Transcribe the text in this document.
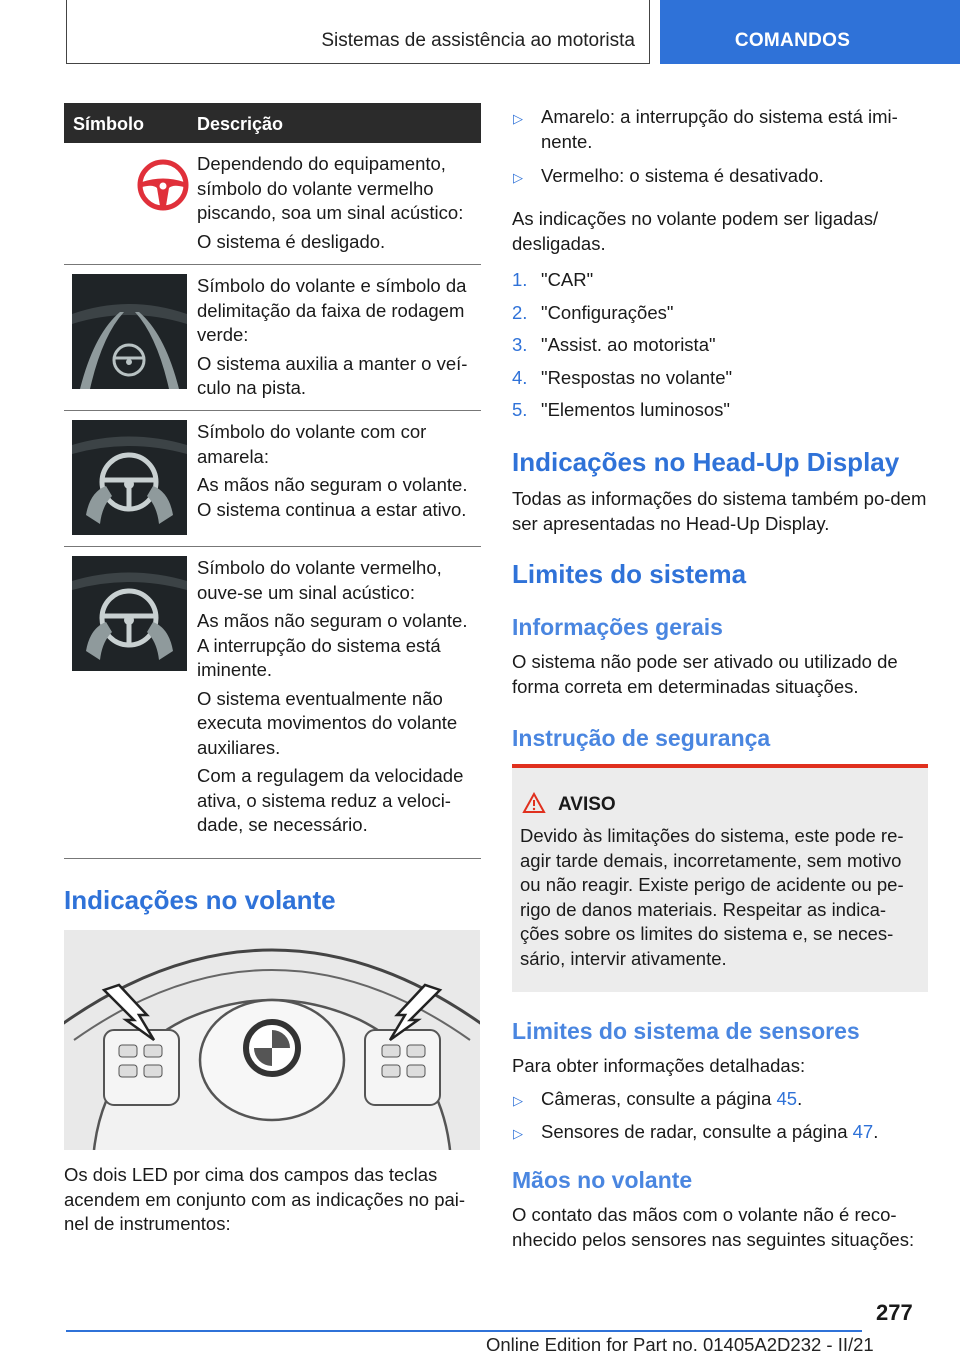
Sistemas de assistência ao motorista	COMANDOS
Símbolo	Descrição

Dependendo do equipamento, símbolo do volante vermelho piscando, soa um sinal acústico:

O sistema é desligado.

Símbolo do volante e símbolo da delimitação da faixa de rodagem verde:

O sistema auxilia a manter o veí-culo na pista.

Símbolo do volante com cor amarela:

As mãos não seguram o volante. O sistema continua a estar ativo.

Símbolo do volante vermelho, ouve-se um sinal acústico:

As mãos não seguram o volante. A interrupção do sistema está iminente.

O sistema eventualmente não executa movimentos do volante auxiliares.

Com a regulagem da velocidade ativa, o sistema reduz a veloci-dade, se necessário.

Indicações no volante
Os dois LED por cima dos campos das teclas acendem em conjunto com as indicações no pai-nel de instrumentos:
▷ Amarelo: a interrupção do sistema está imi-nente.
▷ Vermelho: o sistema é desativado.
As indicações no volante podem ser ligadas/ desligadas.
1. "CAR"
2. "Configurações"
3. "Assist. ao motorista"
4. "Respostas no volante"
5. "Elementos luminosos"
Indicações no Head-Up Display
Todas as informações do sistema também po-dem ser apresentadas no Head-Up Display.
Limites do sistema
Informações gerais
O sistema não pode ser ativado ou utilizado de forma correta em determinadas situações.
Instrução de segurança
AVISO
Devido às limitações do sistema, este pode re-agir tarde demais, incorretamente, sem motivo ou não reagir. Existe perigo de acidente ou pe-rigo de danos materiais. Respeitar as indica-ções sobre os limites do sistema e, se neces-sário, intervir ativamente.
Limites do sistema de sensores
Para obter informações detalhadas:
▷ Câmeras, consulte a página 45.
▷ Sensores de radar, consulte a página 47.
Mãos no volante
O contato das mãos com o volante não é reco-nhecido pelos sensores nas seguintes situações:
277
Online Edition for Part no. 01405A2D232 - II/21
